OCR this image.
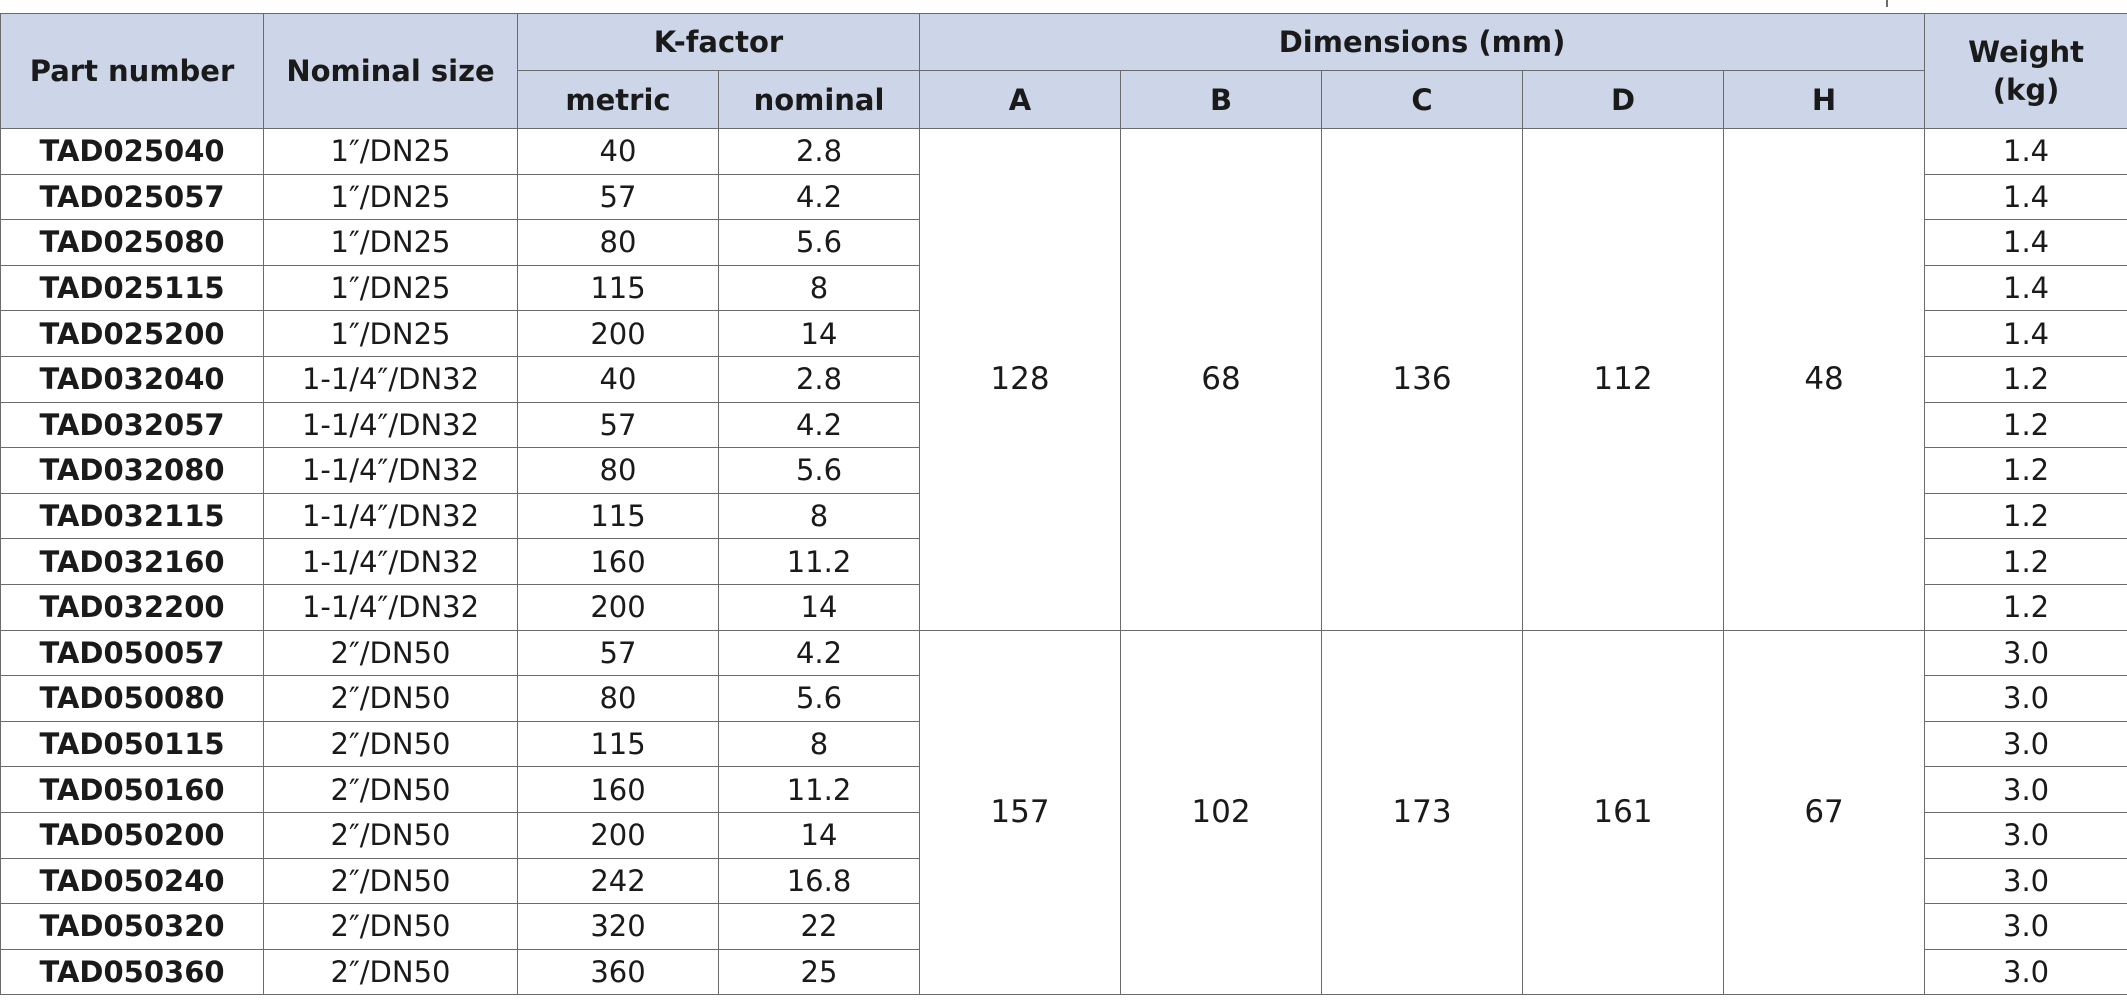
Part number	Nominal size	K-factor		Dimensions (mm)					Weight
(kg)

		metric	nominal	A	B	C	D	H	
TAD025040	1″/DN25	40	2.8	128	68	136	112	48	1.4
TAD025057	1″/DN25	57	4.2						1.4
TAD025080	1″/DN25	80	5.6						1.4
TAD025115	1″/DN25	115	8						1.4
TAD025200	1″/DN25	200	14						1.4
TAD032040	1-1/4″/DN32	40	2.8						1.2
TAD032057	1-1/4″/DN32	57	4.2						1.2
TAD032080	1-1/4″/DN32	80	5.6						1.2
TAD032115	1-1/4″/DN32	115	8						1.2
TAD032160	1-1/4″/DN32	160	11.2						1.2
TAD032200	1-1/4″/DN32	200	14						1.2
TAD050057	2″/DN50	57	4.2	157	102	173	161	67	3.0
TAD050080	2″/DN50	80	5.6						3.0
TAD050115	2″/DN50	115	8						3.0
TAD050160	2″/DN50	160	11.2						3.0
TAD050200	2″/DN50	200	14						3.0
TAD050240	2″/DN50	242	16.8						3.0
TAD050320	2″/DN50	320	22						3.0
TAD050360	2″/DN50	360	25						3.0
